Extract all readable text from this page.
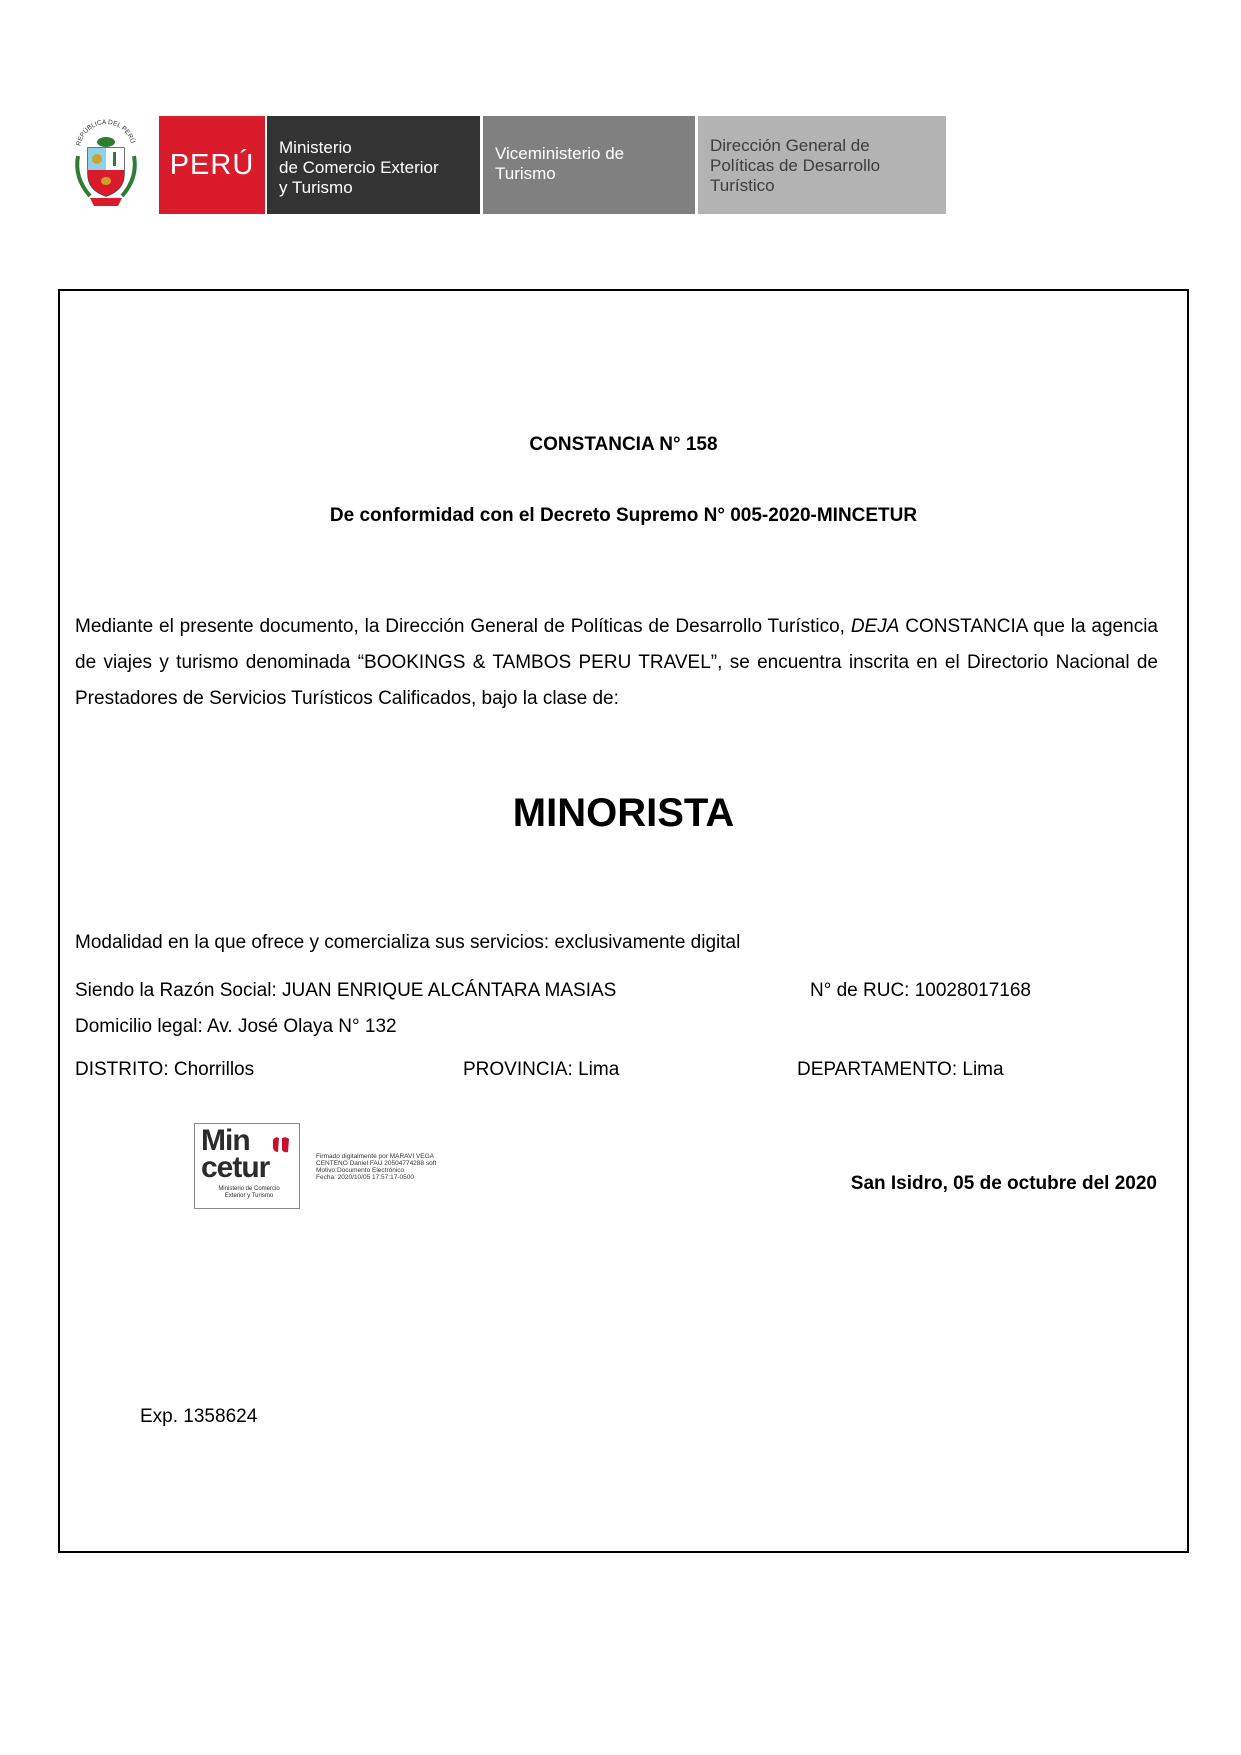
REPÚBLICA DEL PERÚ
PERÚ
Ministerio
de Comercio Exterior
y Turismo
Viceministerio de
Turismo
Dirección General de
Políticas de Desarrollo
Turístico
CONSTANCIA N° 158
De conformidad con el Decreto Supremo N° 005-2020-MINCETUR
Mediante el presente documento, la Dirección General de Políticas de Desarrollo Turístico, DEJA CONSTANCIA que la agencia de viajes y turismo denominada “BOOKINGS & TAMBOS PERU TRAVEL”, se encuentra inscrita en el Directorio Nacional de Prestadores de Servicios Turísticos Calificados, bajo la clase de:
MINORISTA
Modalidad en la que ofrece y comercializa sus servicios: exclusivamente digital
Siendo la Razón Social: JUAN ENRIQUE ALCÁNTARA MASIAS	N° de RUC: 10028017168
Domicilio legal: Av. José Olaya N° 132
DISTRITO: Chorrillos	PROVINCIA: Lima	DEPARTAMENTO: Lima
Min
cetur
Ministerio de Comercio
Exterior y Turismo
Firmado digitalmente por MARAVI VEGA
CENTENO Daniel FAU 20504774288 soft
Motivo:Documento Electrónico
Fecha: 2020/10/05 17:57:17-0500	San Isidro, 05 de octubre del 2020
Exp. 1358624
